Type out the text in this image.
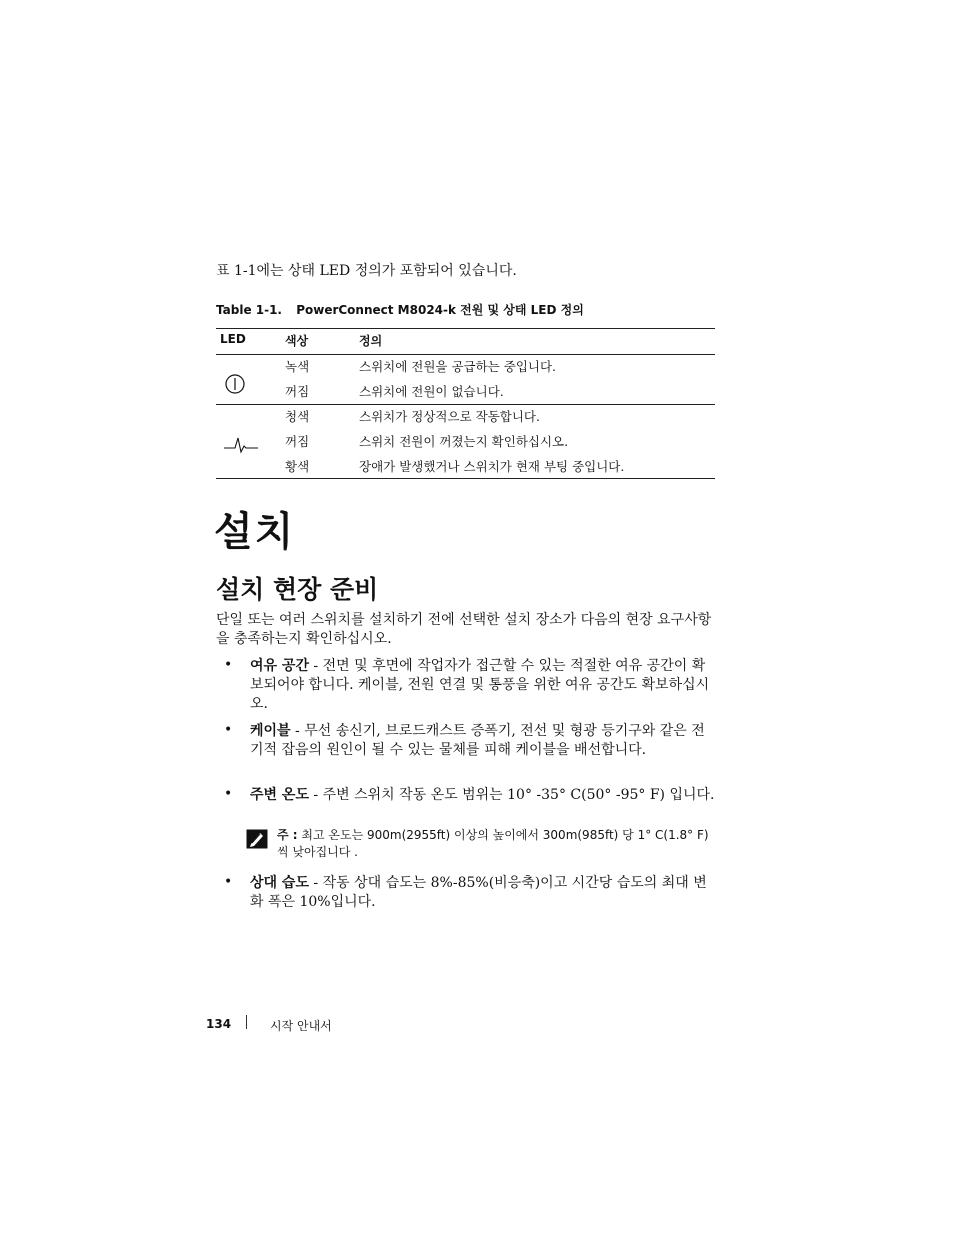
표 1-1에는 상태 LED 정의가 포함되어 있습니다.
Table 1-1. PowerConnect M8024-k 전원 및 상태 LED 정의
LED	색상	정의
녹색	스위치에 전원을 공급하는 중입니다.
꺼짐	스위치에 전원이 없습니다.
청색	스위치가 정상적으로 작동합니다.
꺼짐	스위치 전원이 꺼졌는지 확인하십시오.
황색	장애가 발생했거나 스위치가 현재 부팅 중입니다.
설치
설치 현장 준비

단일 또는 여러 스위치를 설치하기 전에 선택한 설치 장소가 다음의 현장 요구사항을 충족하는지 확인하십시오.

• 여유 공간 - 전면 및 후면에 작업자가 접근할 수 있는 적절한 여유 공간이 확보되어야 합니다. 케이블, 전원 연결 및 통풍을 위한 여유 공간도 확보하십시오.

• 케이블 - 무선 송신기, 브로드캐스트 증폭기, 전선 및 형광 등기구와 같은 전기적 잡음의 원인이 될 수 있는 물체를 피해 케이블을 배선합니다.

• 주변 온도 - 주변 스위치 작동 온도 범위는 10° -35° C(50° -95° F) 입니다.

주 : 최고 온도는 900m(2955ft) 이상의 높이에서 300m(985ft) 당 1° C(1.8° F) 씩 낮아집니다 .

• 상대 습도 - 작동 상대 습도는 8%-85%(비응축)이고 시간당 습도의 최대 변화 폭은 10%입니다.

134	시작 안내서
